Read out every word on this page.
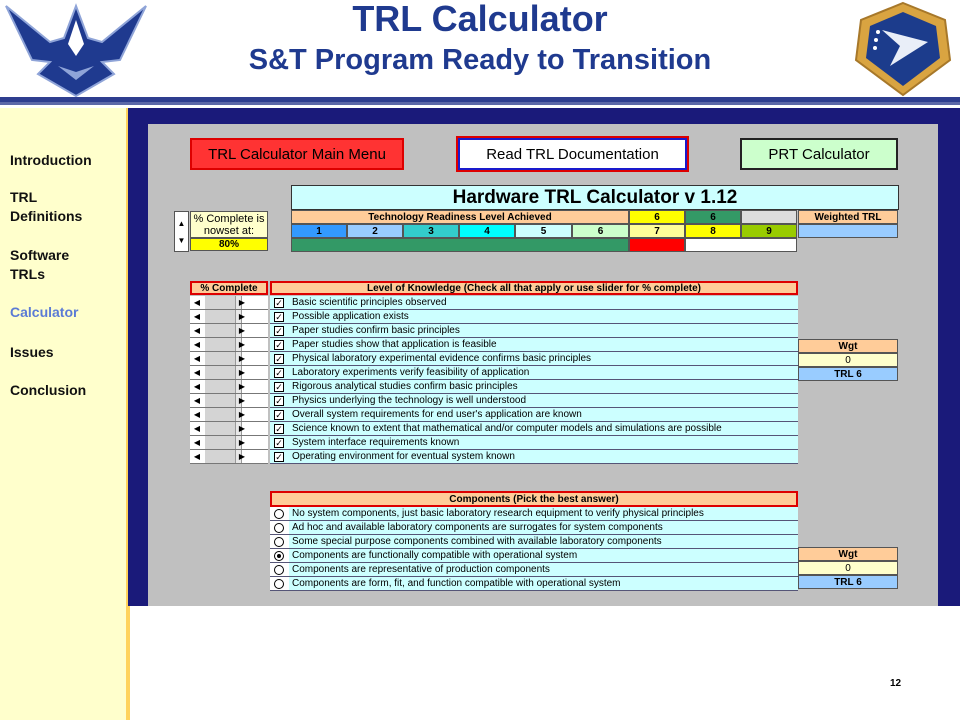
TRL Calculator
S&T Program Ready to Transition
Introduction
TRL
Definitions
Software
TRLs
Calculator
Issues
Conclusion
TRL Calculator Main Menu	Read TRL Documentation	PRT Calculator
Hardware TRL Calculator v 1.12
Technology Readiness Level Achieved	6	6	Weighted TRL
1	2	3	4	5	6	7	8	9
▲
▼
% Complete is
nowset at:
80%
% Complete	Level of Knowledge (Check all that apply or use slider for % complete)
◀	▶	✓ Basic scientific principles observed
◀	▶	✓ Possible application exists
◀	▶	✓ Paper studies confirm basic principles
◀	▶	✓ Paper studies show that application is feasible
◀	▶	✓ Physical laboratory experimental evidence confirms basic principles
◀	▶	✓ Laboratory experiments verify feasibility of application
◀	▶	✓ Rigorous analytical studies confirm basic principles
◀	▶	✓ Physics underlying the technology is well understood
◀	▶	✓ Overall system requirements for end user's application are known
◀	▶	✓ Science known to extent that mathematical and/or computer models and simulations are possible
◀	▶	✓ System interface requirements known
◀	▶	✓ Operating environment for eventual system known
Wgt
0
TRL 6
Components (Pick the best answer)
No system components, just basic laboratory research equipment to verify physical principles
Ad hoc and available laboratory components are surrogates for system components
Some special purpose components combined with available laboratory components
Components are functionally compatible with operational system
Components are representative of production components
Components are form, fit, and function compatible with operational system
Wgt
0
TRL 6
12
